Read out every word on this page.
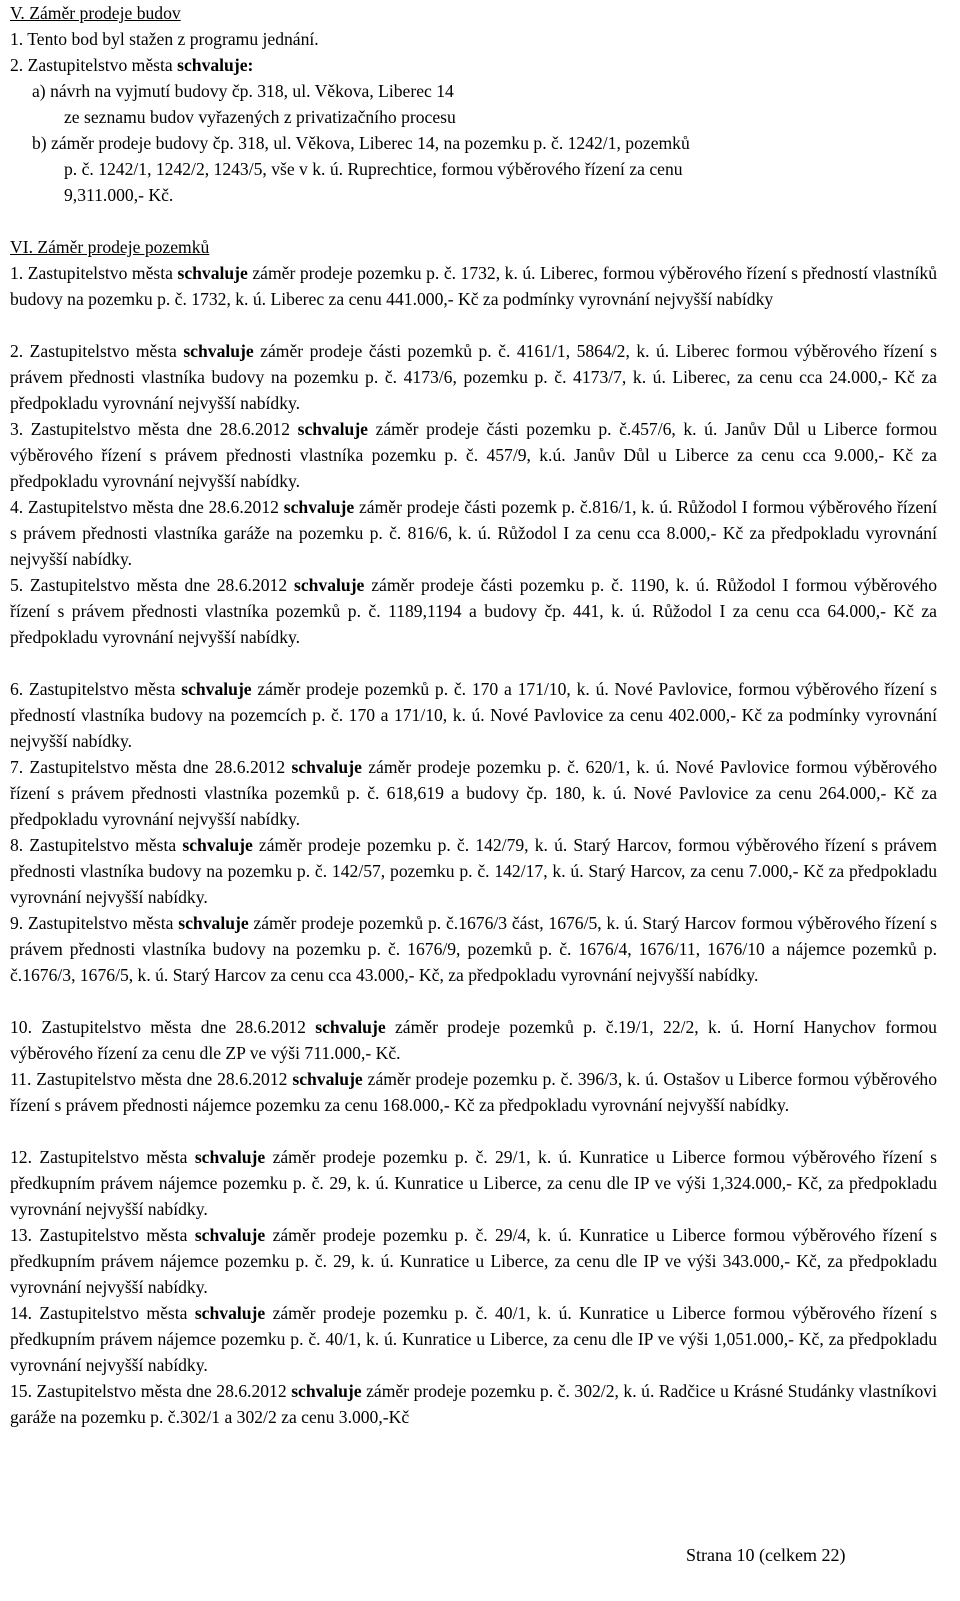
V. Záměr prodeje budov
1. Tento bod byl stažen z programu jednání.
2. Zastupitelstvo města schvaluje:
a) návrh na vyjmutí budovy čp. 318, ul. Věkova, Liberec 14
ze seznamu budov vyřazených z privatizačního procesu
b) záměr prodeje budovy čp. 318, ul. Věkova, Liberec 14, na pozemku p. č. 1242/1, pozemků
p. č. 1242/1, 1242/2, 1243/5, vše v k. ú. Ruprechtice, formou výběrového řízení za cenu
9,311.000,- Kč.
VI. Záměr prodeje pozemků
1. Zastupitelstvo města schvaluje záměr prodeje pozemku p. č. 1732, k. ú. Liberec, formou výběrového řízení s předností vlastníků budovy na pozemku p. č. 1732, k. ú. Liberec za cenu 441.000,- Kč za podmínky vyrovnání nejvyšší nabídky
2. Zastupitelstvo města schvaluje záměr prodeje části pozemků p. č. 4161/1, 5864/2, k. ú. Liberec formou výběrového řízení s právem přednosti vlastníka budovy na pozemku p. č. 4173/6, pozemku p. č. 4173/7, k. ú. Liberec, za cenu cca 24.000,- Kč za předpokladu vyrovnání nejvyšší nabídky.
3. Zastupitelstvo města dne 28.6.2012 schvaluje záměr prodeje části pozemku p. č.457/6, k. ú. Janův Důl u Liberce formou výběrového řízení s právem přednosti vlastníka pozemku p. č. 457/9, k.ú. Janův Důl u Liberce za cenu cca 9.000,- Kč za předpokladu vyrovnání nejvyšší nabídky.
4. Zastupitelstvo města dne 28.6.2012 schvaluje záměr prodeje části pozemk p. č.816/1, k. ú. Růžodol I formou výběrového řízení s právem přednosti vlastníka garáže na pozemku p. č. 816/6, k. ú. Růžodol I za cenu cca 8.000,- Kč za předpokladu vyrovnání nejvyšší nabídky.
5. Zastupitelstvo města dne 28.6.2012 schvaluje záměr prodeje části pozemku p. č. 1190, k. ú. Růžodol I formou výběrového řízení s právem přednosti vlastníka pozemků p. č. 1189,1194 a budovy čp. 441, k. ú. Růžodol I za cenu cca 64.000,- Kč za předpokladu vyrovnání nejvyšší nabídky.
6. Zastupitelstvo města schvaluje záměr prodeje pozemků p. č. 170 a 171/10, k. ú. Nové Pavlovice, formou výběrového řízení s předností vlastníka budovy na pozemcích p. č. 170 a 171/10, k. ú. Nové Pavlovice za cenu 402.000,- Kč za podmínky vyrovnání nejvyšší nabídky.
7. Zastupitelstvo města dne 28.6.2012 schvaluje záměr prodeje pozemku p. č. 620/1, k. ú. Nové Pavlovice formou výběrového řízení s právem přednosti vlastníka pozemků p. č. 618,619 a budovy čp. 180, k. ú. Nové Pavlovice za cenu 264.000,- Kč za předpokladu vyrovnání nejvyšší nabídky.
8. Zastupitelstvo města schvaluje záměr prodeje pozemku p. č. 142/79, k. ú. Starý Harcov, formou výběrového řízení s právem přednosti vlastníka budovy na pozemku p. č. 142/57, pozemku p. č. 142/17, k. ú. Starý Harcov, za cenu 7.000,- Kč za předpokladu vyrovnání nejvyšší nabídky.
9. Zastupitelstvo města schvaluje záměr prodeje pozemků p. č.1676/3 část, 1676/5, k. ú. Starý Harcov formou výběrového řízení s právem přednosti vlastníka budovy na pozemku p. č. 1676/9, pozemků p. č. 1676/4, 1676/11, 1676/10 a nájemce pozemků p. č.1676/3, 1676/5, k. ú. Starý Harcov za cenu cca 43.000,- Kč, za předpokladu vyrovnání nejvyšší nabídky.
10. Zastupitelstvo města dne 28.6.2012 schvaluje záměr prodeje pozemků p. č.19/1, 22/2, k. ú. Horní Hanychov formou výběrového řízení za cenu dle ZP ve výši 711.000,- Kč.
11. Zastupitelstvo města dne 28.6.2012 schvaluje záměr prodeje pozemku p. č. 396/3, k. ú. Ostašov u Liberce formou výběrového řízení s právem přednosti nájemce pozemku za cenu 168.000,- Kč za předpokladu vyrovnání nejvyšší nabídky.
12. Zastupitelstvo města schvaluje záměr prodeje pozemku p. č. 29/1, k. ú. Kunratice u Liberce formou výběrového řízení s předkupním právem nájemce pozemku p. č. 29, k. ú. Kunratice u Liberce, za cenu dle IP ve výši 1,324.000,- Kč, za předpokladu vyrovnání nejvyšší nabídky.
13. Zastupitelstvo města schvaluje záměr prodeje pozemku p. č. 29/4, k. ú. Kunratice u Liberce formou výběrového řízení s předkupním právem nájemce pozemku p. č. 29, k. ú. Kunratice u Liberce, za cenu dle IP ve výši 343.000,- Kč, za předpokladu vyrovnání nejvyšší nabídky.
14. Zastupitelstvo města schvaluje záměr prodeje pozemku p. č. 40/1, k. ú. Kunratice u Liberce formou výběrového řízení s předkupním právem nájemce pozemku p. č. 40/1, k. ú. Kunratice u Liberce, za cenu dle IP ve výši 1,051.000,- Kč, za předpokladu vyrovnání nejvyšší nabídky.
15. Zastupitelstvo města dne 28.6.2012 schvaluje záměr prodeje pozemku p. č. 302/2, k. ú. Radčice u Krásné Studánky vlastníkovi garáže na pozemku p. č.302/1 a 302/2 za cenu 3.000,-Kč
Strana 10 (celkem 22)
